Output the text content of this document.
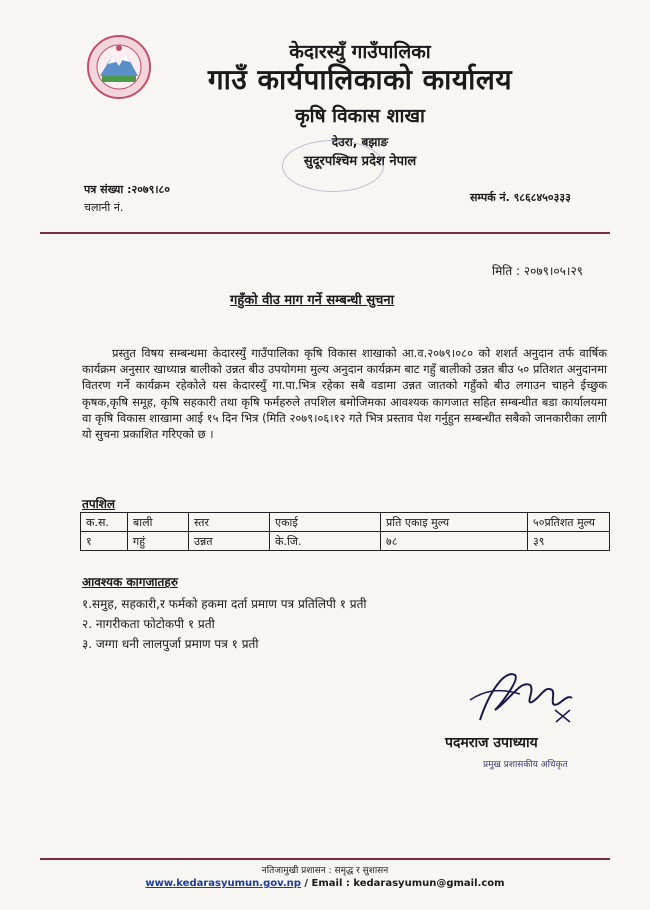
केदारस्युँ गाउँपालिका
गाउँ कार्यपालिकाको कार्यालय
कृषि विकास शाखा
देउरा, बझाङ
सुदूरपश्चिम प्रदेश नेपाल
पत्र संख्या :२०७९।८०
चलानी नं.
सम्पर्क नं. ९८६८४५०३३३
मिति : २०७९।०५।२९
गहुँको वीउ माग गर्ने सम्बन्धी सुचना
प्रस्तुत विषय सम्बन्धमा केदारस्युँ गाउँपालिका कृषि विकास शाखाको आ.व.२०७९।०८० को शशर्त अनुदान तर्फ वार्षिक कार्यक्रम अनुसार खाध्यान्न बालीको उन्नत बीउ उपयोगमा मुल्य अनुदान कार्यक्रम बाट गहुँ बालीको उन्नत बीउ ५० प्रतिशत अनुदानमा वितरण गर्ने कार्यक्रम रहेकोले यस केदारस्युँ गा.पा.भित्र रहेका सबै वडामा उन्नत जातको गहुँको बीउ लगाउन चाहने ईच्छुक कृषक,कृषि समूह, कृषि सहकारी तथा कृषि फर्महरुले तपशिल बमोजिमका आवश्यक कागजात सहित सम्बन्धीत बडा कार्यालयमा वा कृषि विकास शाखामा आई १५ दिन भित्र (मिति २०७९।०६।१२ गते भित्र प्रस्ताव पेश गर्नुहुन सम्बन्धीत सबैको जानकारीका लागी यो सुचना प्रकाशित गरिएको छ ।
तपशिल
क.स.	बाली	स्तर	एकाई	प्रति एकाइ मुल्य	५०प्रतिशत मुल्य
१	गहुं	उन्नत	के.जि.	७८	३९
आवश्यक कागजातहरु
१.समुह, सहकारी,र फर्मको हकमा दर्ता प्रमाण पत्र प्रतिलिपी १ प्रती
२. नागरीकता फोटोकपी १ प्रती
३. जग्गा धनी लालपुर्जा प्रमाण पत्र १ प्रती
पदमराज उपाध्याय
प्रमुख प्रशासकीय अधिकृत
नतिजामुखी प्रशासन : समृद्ध र सुशासन
www.kedarasyumun.gov.np / Email : kedarasyumun@gmail.com
